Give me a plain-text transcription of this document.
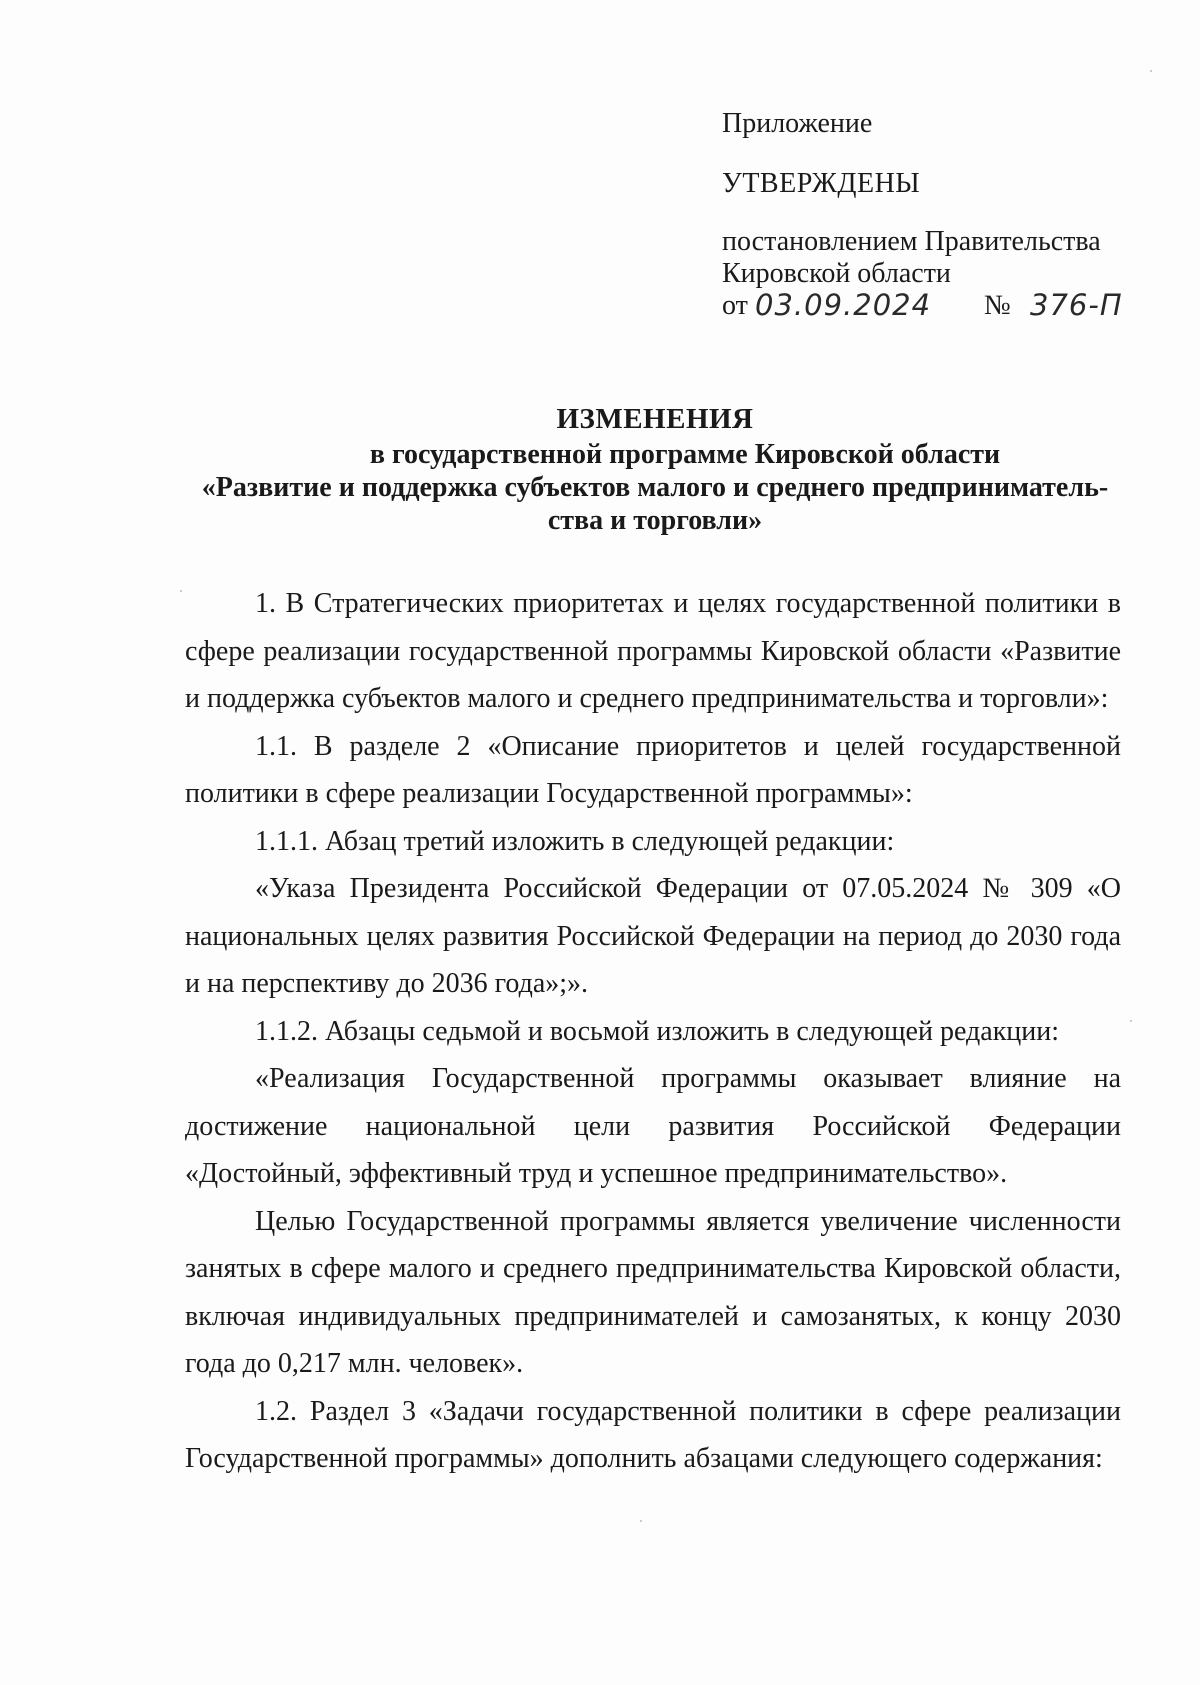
Приложение

УТВЕРЖДЕНЫ

постановлением Правительства

Кировской области

от 03.09.2024 № 376-П
ИЗМЕНЕНИЯ
в государственной программе Кировской области
«Развитие и поддержка субъектов малого и среднего предприниматель-
ства и торговли»

1. В Стратегических приоритетах и целях государственной политики в сфере реализации государственной программы Кировской области «Развитие и поддержка субъектов малого и среднего предпринимательства и торговли»:

1.1. В разделе 2 «Описание приоритетов и целей государственной политики в сфере реализации Государственной программы»:

1.1.1. Абзац третий изложить в следующей редакции:

«Указа Президента Российской Федерации от 07.05.2024 № 309 «О национальных целях развития Российской Федерации на период до 2030 года и на перспективу до 2036 года»;».

1.1.2. Абзацы седьмой и восьмой изложить в следующей редакции:

«Реализация Государственной программы оказывает влияние на достижение национальной цели развития Российской Федерации «Достойный, эффективный труд и успешное предпринимательство».

Целью Государственной программы является увеличение численности занятых в сфере малого и среднего предпринимательства Кировской области, включая индивидуальных предпринимателей и самозанятых, к концу 2030 года до 0,217 млн. человек».

1.2. Раздел 3 «Задачи государственной политики в сфере реализации Государственной программы» дополнить абзацами следующего содержания:
